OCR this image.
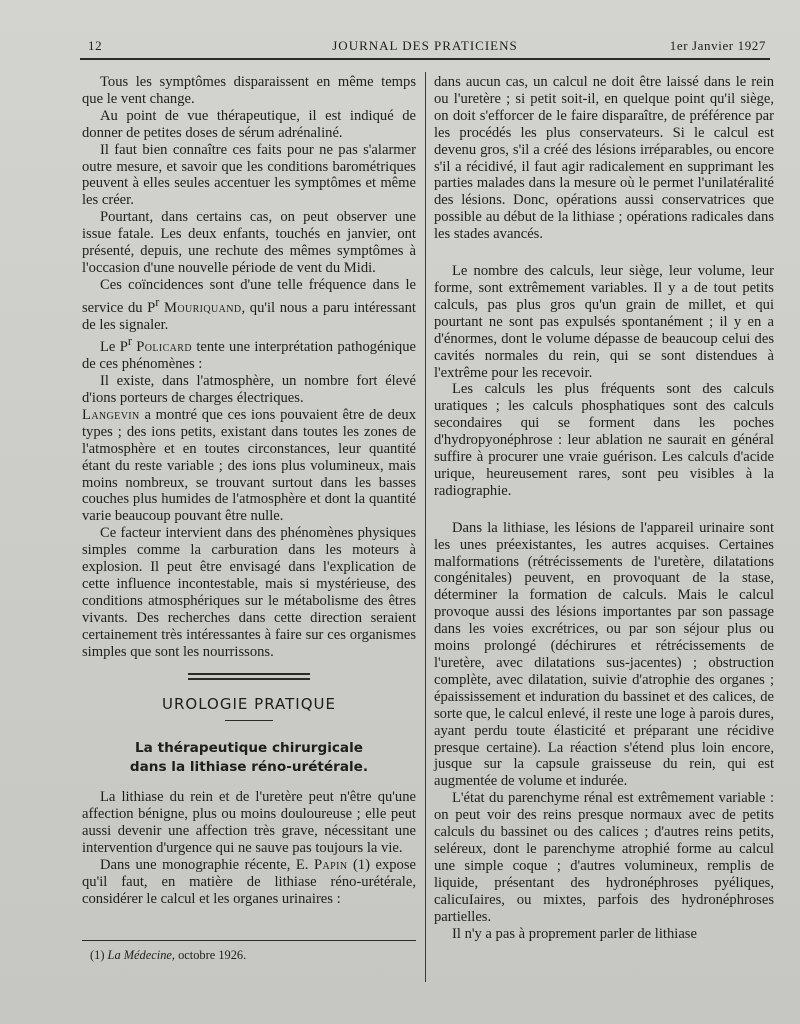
12	JOURNAL DES PRATICIENS	1er Janvier 1927

Tous les symptômes disparaissent en même temps que le vent change.

Au point de vue thérapeutique, il est indiqué de donner de petites doses de sérum adrénaliné.

Il faut bien connaître ces faits pour ne pas s'alarmer outre mesure, et savoir que les conditions barométriques peuvent à elles seules accentuer les symptômes et même les créer.

Pourtant, dans certains cas, on peut observer une issue fatale. Les deux enfants, touchés en janvier, ont présenté, depuis, une rechute des mêmes symptômes à l'occasion d'une nouvelle période de vent du Midi.

Ces coïncidences sont d'une telle fréquence dans le service du $P^r$ Mouriquand, qu'il nous a paru intéressant de les signaler.

Le $P^r$ Policard tente une interprétation pathogénique de ces phénomènes :

Il existe, dans l'atmosphère, un nombre fort élevé d'ions porteurs de charges électriques.

Langevin a montré que ces ions pouvaient être de deux types ; des ions petits, existant dans toutes les zones de l'atmosphère et en toutes circonstances, leur quantité étant du reste variable ; des ions plus volumineux, mais moins nombreux, se trouvant surtout dans les basses couches plus humides de l'atmosphère et dont la quantité varie beaucoup pouvant être nulle.

Ce facteur intervient dans des phénomènes physiques simples comme la carburation dans les moteurs à explosion. Il peut être envisagé dans l'explication de cette influence incontestable, mais si mystérieuse, des conditions atmosphériques sur le métabolisme des êtres vivants. Des recherches dans cette direction seraient certainement très intéressantes à faire sur ces organismes simples que sont les nourrissons.

UROLOGIE PRATIQUE
La thérapeutique chirurgicale
dans la lithiase réno-urétérale.

La lithiase du rein et de l'uretère peut n'être qu'une affection bénigne, plus ou moins douloureuse ; elle peut aussi devenir une affection très grave, nécessitant une intervention d'urgence qui ne sauve pas toujours la vie.

Dans une monographie récente, E. Papin (1) expose qu'il faut, en matière de lithiase réno-urétérale, considérer le calcul et les organes urinaires :

(1) La Médecine, octobre 1926.

dans aucun cas, un calcul ne doit être laissé dans le rein ou l'uretère ; si petit soit-il, en quelque point qu'il siège, on doit s'efforcer de le faire disparaître, de préférence par les procédés les plus conservateurs. Si le calcul est devenu gros, s'il a créé des lésions irréparables, ou encore s'il a récidivé, il faut agir radicalement en supprimant les parties malades dans la mesure où le permet l'unilatéralité des lésions. Donc, opérations aussi conservatrices que possible au début de la lithiase ; opérations radicales dans les stades avancés.

Le nombre des calculs, leur siège, leur volume, leur forme, sont extrêmement variables. Il y a de tout petits calculs, pas plus gros qu'un grain de millet, et qui pourtant ne sont pas expulsés spontanément ; il y en a d'énormes, dont le volume dépasse de beaucoup celui des cavités normales du rein, qui se sont distendues à l'extrême pour les recevoir.

Les calculs les plus fréquents sont des calculs uratiques ; les calculs phosphatiques sont des calculs secondaires qui se forment dans les poches d'hydropyonéphrose : leur ablation ne saurait en général suffire à procurer une vraie guérison. Les calculs d'acide urique, heureusement rares, sont peu visibles à la radiographie.

Dans la lithiase, les lésions de l'appareil urinaire sont les unes préexistantes, les autres acquises. Certaines malformations (rétrécissements de l'uretère, dilatations congénitales) peuvent, en provoquant de la stase, déterminer la formation de calculs. Mais le calcul provoque aussi des lésions importantes par son passage dans les voies excrétrices, ou par son séjour plus ou moins prolongé (déchirures et rétrécissements de l'uretère, avec dilatations sus-jacentes) ; obstruction complète, avec dilatation, suivie d'atrophie des organes ; épaississement et induration du bassinet et des calices, de sorte que, le calcul enlevé, il reste une loge à parois dures, ayant perdu toute élasticité et préparant une récidive presque certaine). La réaction s'étend plus loin encore, jusque sur la capsule graisseuse du rein, qui est augmentée de volume et indurée.

L'état du parenchyme rénal est extrêmement variable : on peut voir des reins presque normaux avec de petits calculs du bassinet ou des calices ; d'autres reins petits, seléreux, dont le parenchyme atrophié forme au calcul une simple coque ; d'autres volumineux, remplis de liquide, présentant des hydronéphroses pyéliques, calicuIaires, ou mixtes, parfois des hydronéphroses partielles.

Il n'y a pas à proprement parler de lithiase
